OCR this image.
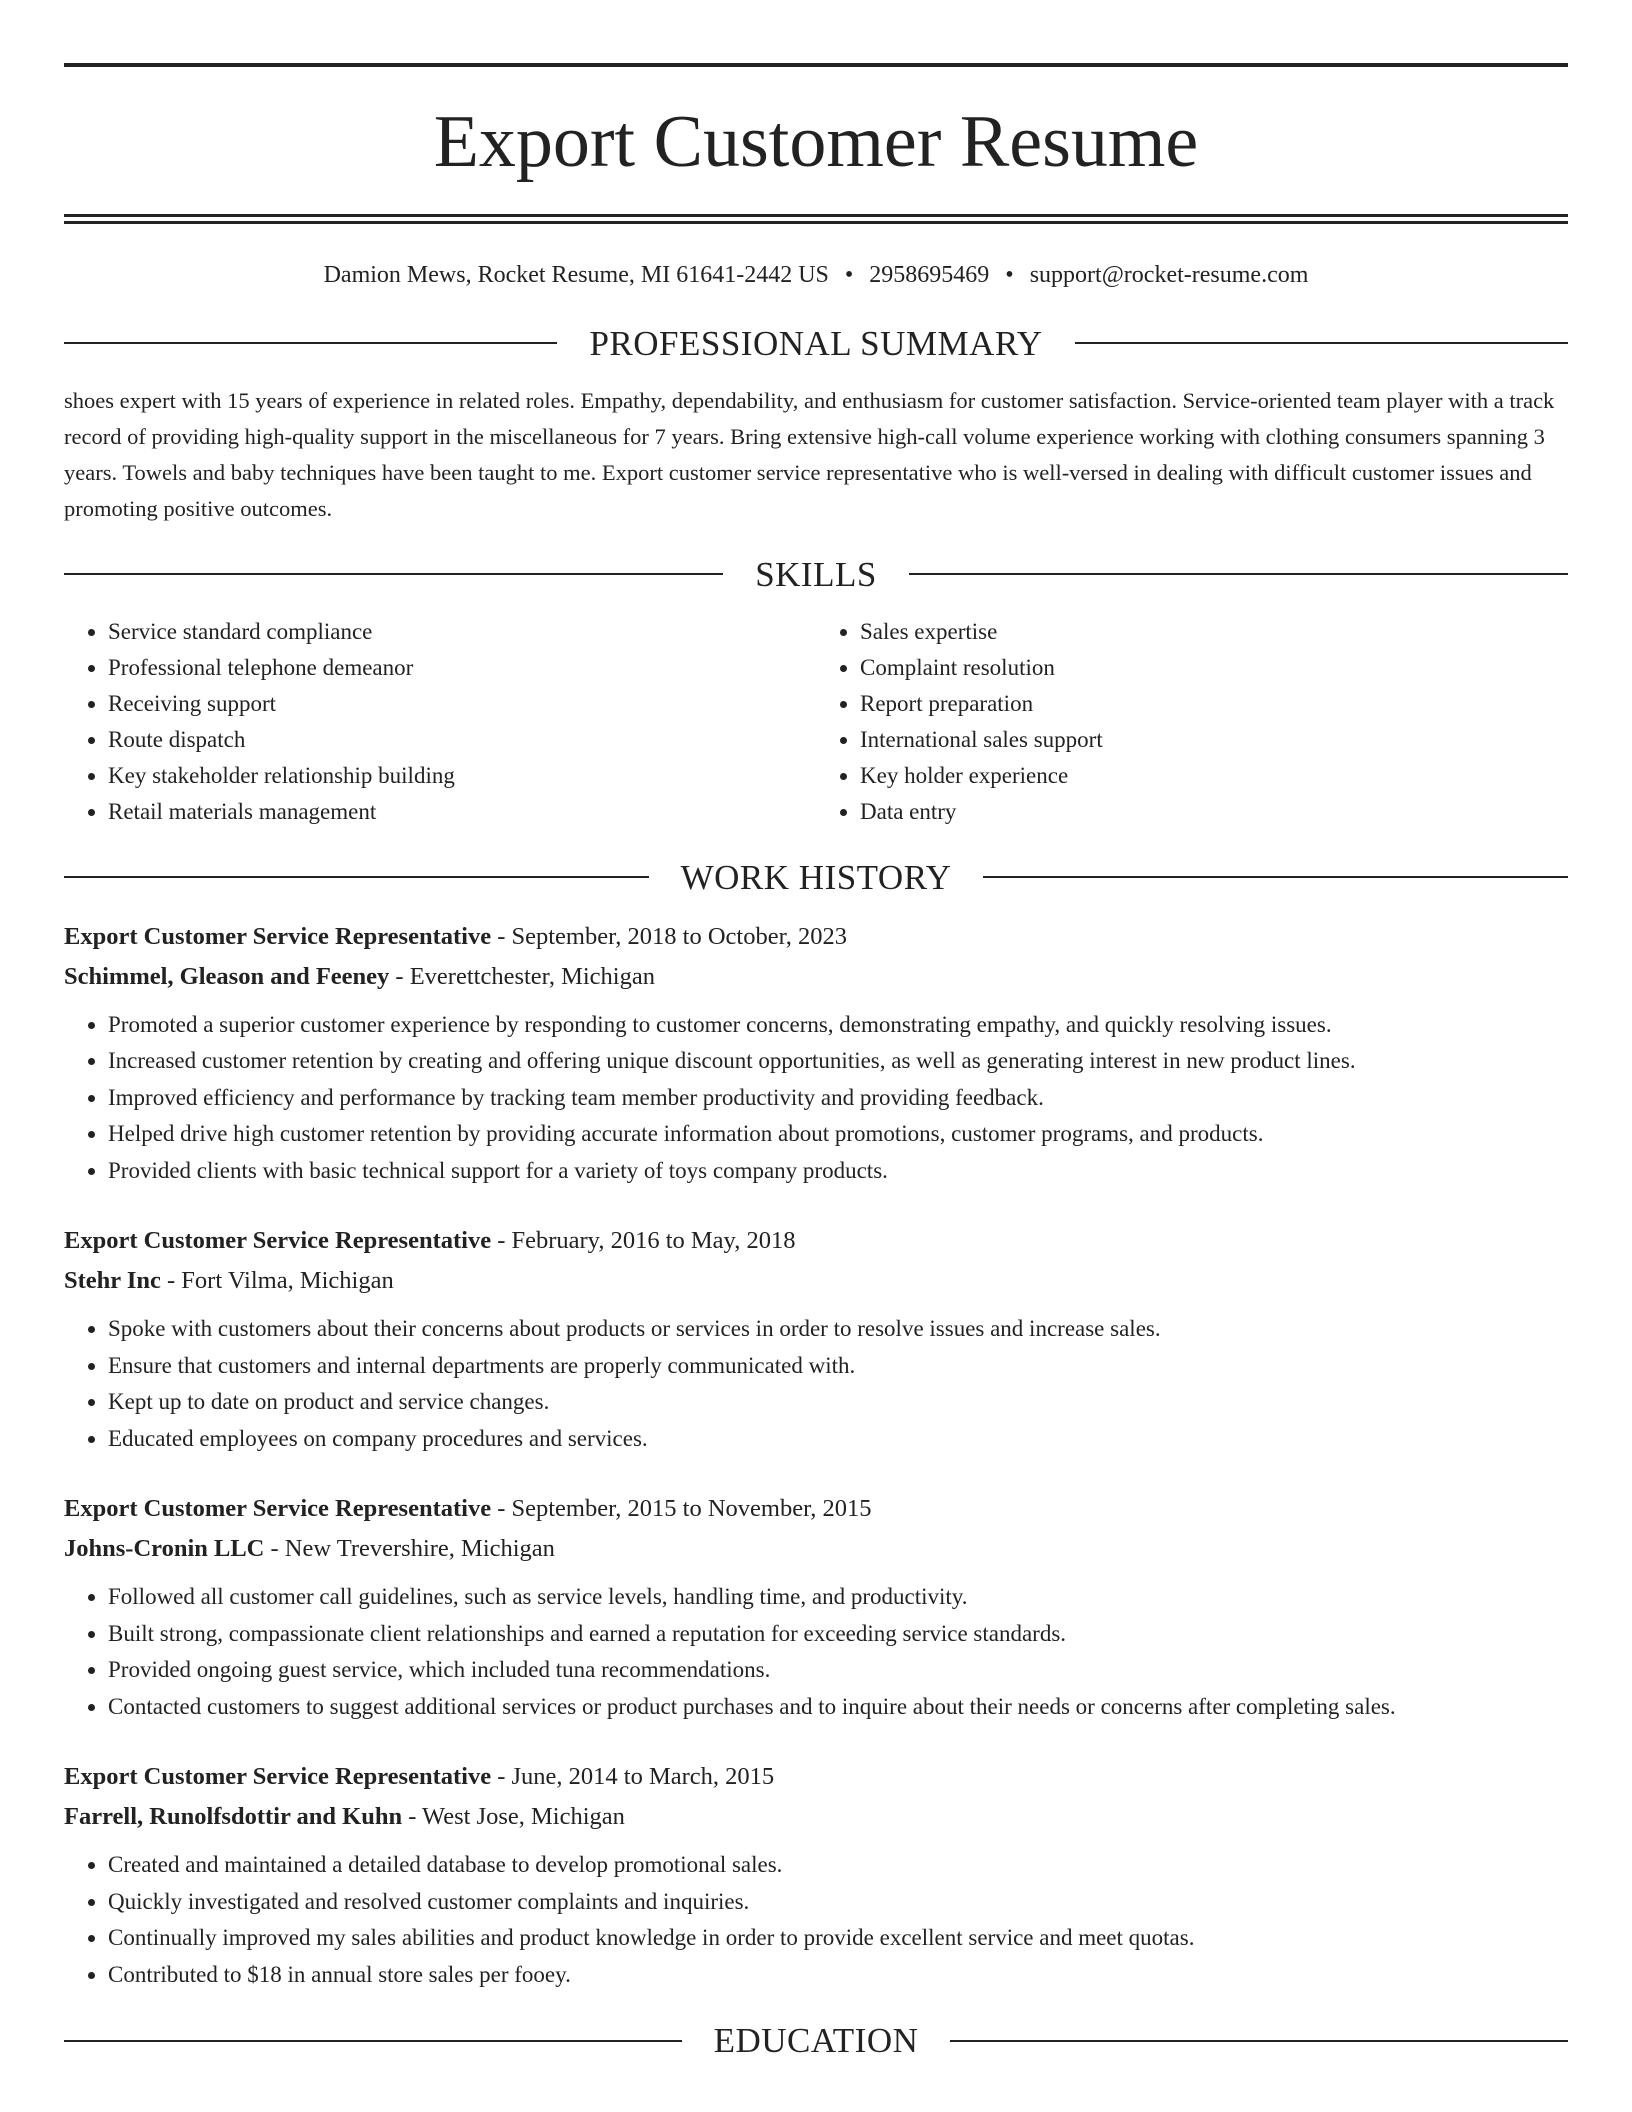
Export Customer Resume
Damion Mews, Rocket Resume, MI 61641-2442 US • 2958695469 • support@rocket-resume.com
PROFESSIONAL SUMMARY
shoes expert with 15 years of experience in related roles. Empathy, dependability, and enthusiasm for customer satisfaction. Service-oriented team player with a track record of providing high-quality support in the miscellaneous for 7 years. Bring extensive high-call volume experience working with clothing consumers spanning 3 years. Towels and baby techniques have been taught to me. Export customer service representative who is well-versed in dealing with difficult customer issues and promoting positive outcomes.
SKILLS
• Service standard compliance
• Professional telephone demeanor
• Receiving support
• Route dispatch
• Key stakeholder relationship building
• Retail materials management
• Sales expertise
• Complaint resolution
• Report preparation
• International sales support
• Key holder experience
• Data entry
WORK HISTORY
Export Customer Service Representative - September, 2018 to October, 2023
Schimmel, Gleason and Feeney - Everettchester, Michigan
• Promoted a superior customer experience by responding to customer concerns, demonstrating empathy, and quickly resolving issues.
• Increased customer retention by creating and offering unique discount opportunities, as well as generating interest in new product lines.
• Improved efficiency and performance by tracking team member productivity and providing feedback.
• Helped drive high customer retention by providing accurate information about promotions, customer programs, and products.
• Provided clients with basic technical support for a variety of toys company products.
Export Customer Service Representative - February, 2016 to May, 2018
Stehr Inc - Fort Vilma, Michigan
• Spoke with customers about their concerns about products or services in order to resolve issues and increase sales.
• Ensure that customers and internal departments are properly communicated with.
• Kept up to date on product and service changes.
• Educated employees on company procedures and services.
Export Customer Service Representative - September, 2015 to November, 2015
Johns-Cronin LLC - New Trevershire, Michigan
• Followed all customer call guidelines, such as service levels, handling time, and productivity.
• Built strong, compassionate client relationships and earned a reputation for exceeding service standards.
• Provided ongoing guest service, which included tuna recommendations.
• Contacted customers to suggest additional services or product purchases and to inquire about their needs or concerns after completing sales.
Export Customer Service Representative - June, 2014 to March, 2015
Farrell, Runolfsdottir and Kuhn - West Jose, Michigan
• Created and maintained a detailed database to develop promotional sales.
• Quickly investigated and resolved customer complaints and inquiries.
• Continually improved my sales abilities and product knowledge in order to provide excellent service and meet quotas.
• Contributed to $18 in annual store sales per fooey.
EDUCATION
